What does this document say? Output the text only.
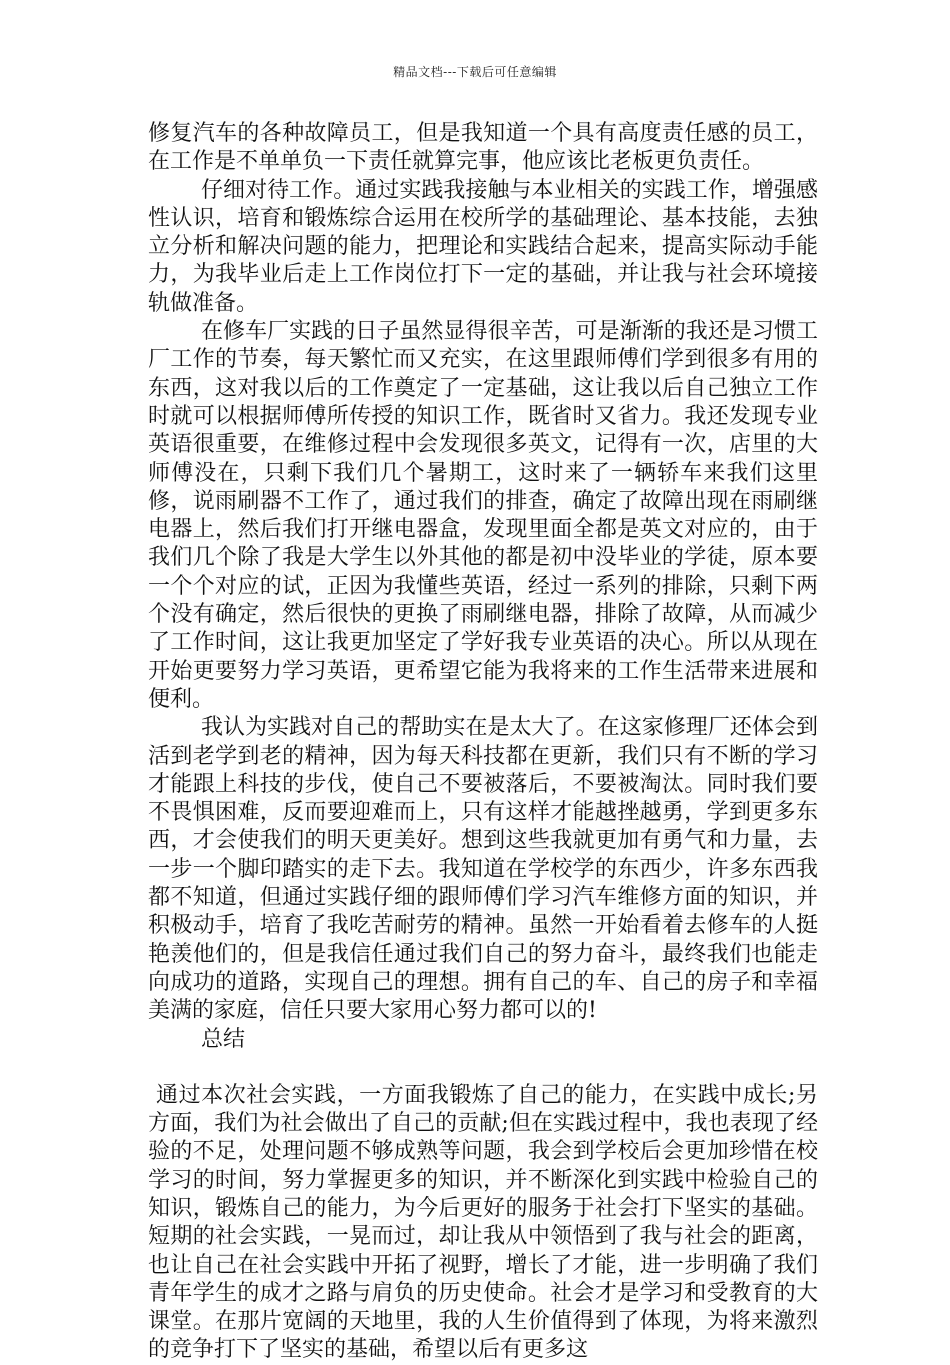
精品文档---下载后可任意编辑

修复汽车的各种故障员工，但是我知道一个具有高度责任感的员工，在工作是不单单负一下责任就算完事，他应该比老板更负责任。

仔细对待工作。通过实践我接触与本业相关的实践工作，增强感性认识，培育和锻炼综合运用在校所学的基础理论、基本技能，去独立分析和解决问题的能力，把理论和实践结合起来，提高实际动手能力，为我毕业后走上工作岗位打下一定的基础，并让我与社会环境接轨做准备。

在修车厂实践的日子虽然显得很辛苦，可是渐渐的我还是习惯工厂工作的节奏，每天繁忙而又充实，在这里跟师傅们学到很多有用的东西，这对我以后的工作奠定了一定基础，这让我以后自己独立工作时就可以根据师傅所传授的知识工作，既省时又省力。我还发现专业英语很重要，在维修过程中会发现很多英文，记得有一次，店里的大师傅没在，只剩下我们几个暑期工，这时来了一辆轿车来我们这里修，说雨刷器不工作了，通过我们的排查，确定了故障出现在雨刷继电器上，然后我们打开继电器盒，发现里面全都是英文对应的，由于我们几个除了我是大学生以外其他的都是初中没毕业的学徒，原本要一个个对应的试，正因为我懂些英语，经过一系列的排除，只剩下两个没有确定，然后很快的更换了雨刷继电器，排除了故障，从而减少了工作时间，这让我更加坚定了学好我专业英语的决心。所以从现在开始更要努力学习英语，更希望它能为我将来的工作生活带来进展和便利。

我认为实践对自己的帮助实在是太大了。在这家修理厂还体会到活到老学到老的精神，因为每天科技都在更新，我们只有不断的学习才能跟上科技的步伐，使自己不要被落后，不要被淘汰。同时我们要不畏惧困难，反而要迎难而上，只有这样才能越挫越勇，学到更多东西，才会使我们的明天更美好。想到这些我就更加有勇气和力量，去一步一个脚印踏实的走下去。我知道在学校学的东西少，许多东西我都不知道，但通过实践仔细的跟师傅们学习汽车维修方面的知识，并积极动手，培育了我吃苦耐劳的精神。虽然一开始看着去修车的人挺艳羡他们的，但是我信任通过我们自己的努力奋斗，最终我们也能走向成功的道路，实现自己的理想。拥有自己的车、自己的房子和幸福美满的家庭，信任只要大家用心努力都可以的!

总结

通过本次社会实践，一方面我锻炼了自己的能力，在实践中成长;另方面，我们为社会做出了自己的贡献;但在实践过程中，我也表现了经验的不足，处理问题不够成熟等问题，我会到学校后会更加珍惜在校学习的时间，努力掌握更多的知识，并不断深化到实践中检验自己的知识，锻炼自己的能力，为今后更好的服务于社会打下坚实的基础。短期的社会实践，一晃而过，却让我从中领悟到了我与社会的距离，也让自己在社会实践中开拓了视野，增长了才能，进一步明确了我们青年学生的成才之路与肩负的历史使命。社会才是学习和受教育的大课堂。在那片宽阔的天地里，我的人生价值得到了体现，为将来激烈的竞争打下了坚实的基础，希望以后有更多这
